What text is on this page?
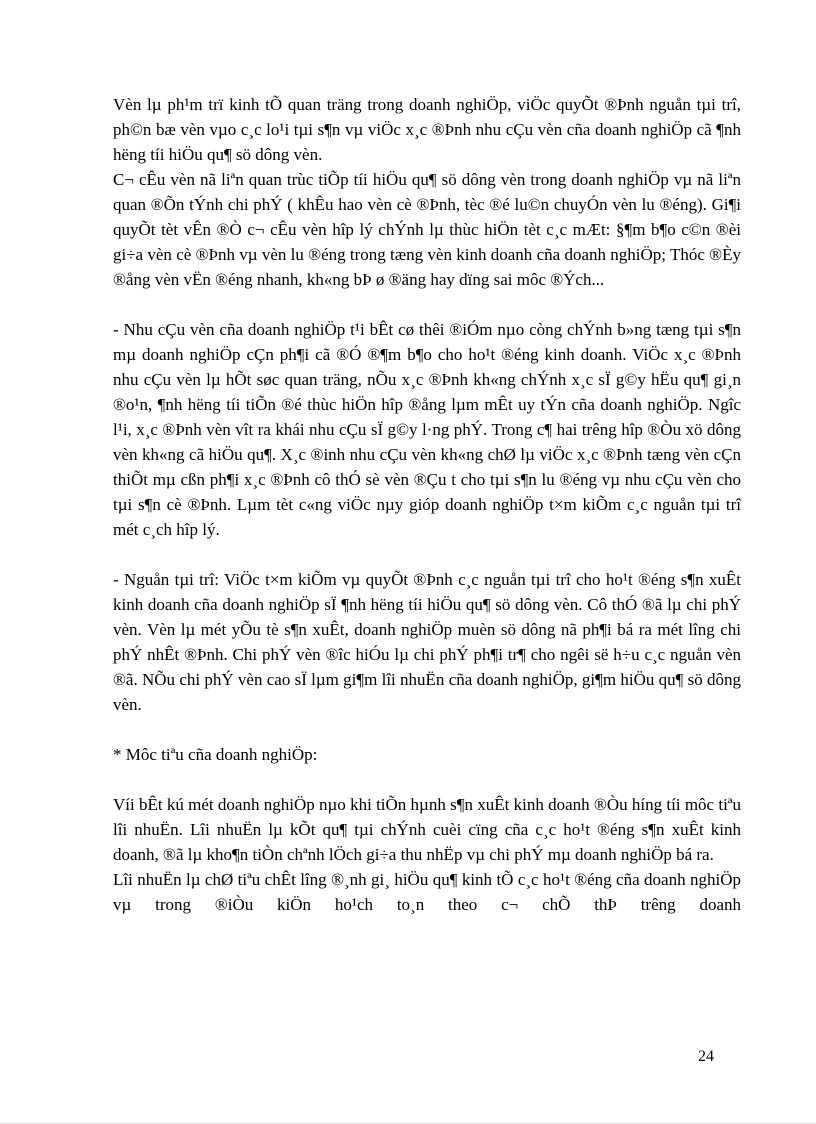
Vèn lµ ph¹m trï kinh tÕ quan träng trong doanh nghiÖp, viÖc quyÕt ®Þnh nguån tµi trî, ph©n bæ vèn vµo c¸c lo¹i tµi s¶n vµ viÖc x¸c ®Þnh nhu cÇu vèn cña doanh nghiÖp cã ¶nh hëng tíi hiÖu qu¶ sö dông vèn.

C¬ cÊu vèn nã liªn quan trùc tiÕp tíi hiÖu qu¶ sö dông vèn trong doanh nghiÖp vµ nã liªn quan ®Õn tÝnh chi phÝ ( khÊu hao vèn cè ®Þnh, tèc ®é lu©n chuyÓn vèn lu ®éng). Gi¶i quyÕt tèt vÊn ®Ò c¬ cÊu vèn hîp lý chÝnh lµ thùc hiÖn tèt c¸c mÆt: §¶m b¶o c©n ®èi gi÷a vèn cè ®Þnh vµ vèn lu ®éng trong tæng vèn kinh doanh cña doanh nghiÖp; Thóc ®Èy ®ång vèn vËn ®éng nhanh, kh«ng bÞ ø ®äng hay dïng sai môc ®Ých...

- Nhu cÇu vèn cña doanh nghiÖp t¹i bÊt cø thêi ®iÓm nµo còng chÝnh b»ng tæng tµi s¶n mµ doanh nghiÖp cÇn ph¶i cã ®Ó ®¶m b¶o cho ho¹t ®éng kinh doanh. ViÖc x¸c ®Þnh nhu cÇu vèn lµ hÕt søc quan träng, nÕu x¸c ®Þnh kh«ng chÝnh x¸c sÏ g©y hËu qu¶ gi¸n ®o¹n, ¶nh hëng tíi tiÕn ®é thùc hiÖn hîp ®ång lµm mÊt uy tÝn cña doanh nghiÖp. Ngîc l¹i, x¸c ®Þnh vèn vît ra khái nhu cÇu sÏ g©y l·ng phÝ. Trong c¶ hai trêng hîp ®Òu xö dông vèn kh«ng cã hiÖu qu¶. X¸c ®inh nhu cÇu vèn kh«ng chØ lµ viÖc x¸c ®Þnh tæng vèn cÇn thiÕt mµ cßn ph¶i x¸c ®Þnh cô thÓ sè vèn ®Çu t cho tµi s¶n lu ®éng vµ nhu cÇu vèn cho tµi s¶n cè ®Þnh. Lµm tèt c«ng viÖc nµy gióp doanh nghiÖp t×m kiÕm c¸c nguån tµi trî mét c¸ch hîp lý.

- Nguån tµi trî: ViÖc t×m kiÕm vµ quyÕt ®Þnh c¸c nguån tµi trî cho ho¹t ®éng s¶n xuÊt kinh doanh cña doanh nghiÖp sÏ ¶nh hëng tíi hiÖu qu¶ sö dông vèn. Cô thÓ ®ã lµ chi phÝ vèn. Vèn lµ mét yÕu tè s¶n xuÊt, doanh nghiÖp muèn sö dông nã ph¶i bá ra mét lîng chi phÝ nhÊt ®Þnh. Chi phÝ vèn ®îc hiÓu lµ chi phÝ ph¶i tr¶ cho ngêi së h÷u c¸c nguån vèn ®ã. NÕu chi phÝ vèn cao sÏ lµm gi¶m lîi nhuËn cña doanh nghiÖp, gi¶m hiÖu qu¶ sö dông vèn.

* Môc tiªu cña doanh nghiÖp:

Víi bÊt kú mét doanh nghiÖp nµo khi tiÕn hµnh s¶n xuÊt kinh doanh ®Òu híng tíi môc tiªu lîi nhuËn. Lîi nhuËn lµ kÕt qu¶ tµi chÝnh cuèi cïng cña c¸c ho¹t ®éng s¶n xuÊt kinh doanh, ®ã lµ kho¶n tiÒn chªnh lÖch gi÷a thu nhËp vµ chi phÝ mµ doanh nghiÖp bá ra.

Lîi nhuËn lµ chØ tiªu chÊt lîng ®¸nh gi¸ hiÖu qu¶ kinh tÕ c¸c ho¹t ®éng cña doanh nghiÖp vµ trong ®iÒu kiÖn ho¹ch to¸n theo c¬ chÕ thÞ trêng doanh

24
